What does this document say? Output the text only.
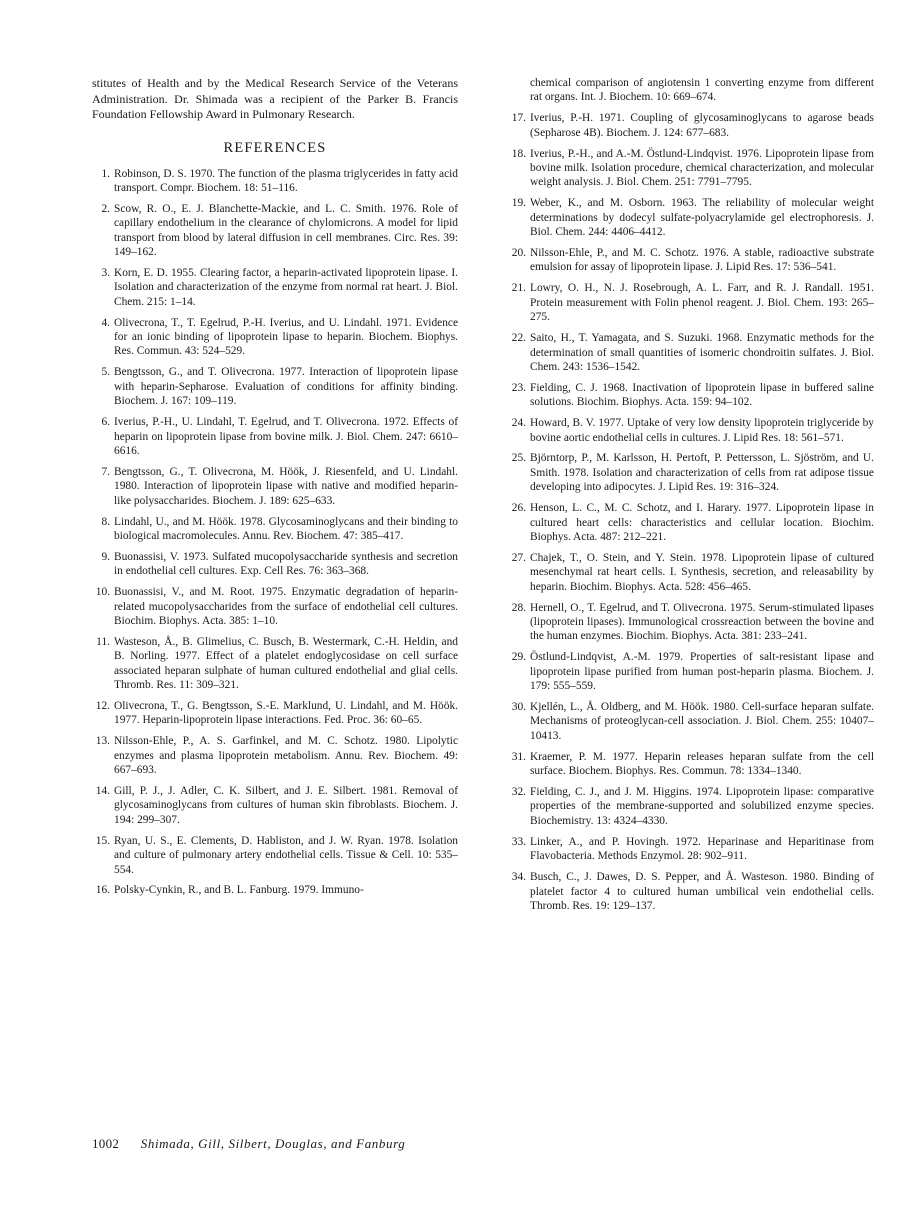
stitutes of Health and by the Medical Research Service of the Veterans Administration. Dr. Shimada was a recipient of the Parker B. Francis Foundation Fellowship Award in Pulmonary Research.

REFERENCES
1. Robinson, D. S. 1970. The function of the plasma triglycerides in fatty acid transport. Compr. Biochem. 18: 51–116.
2. Scow, R. O., E. J. Blanchette-Mackie, and L. C. Smith. 1976. Role of capillary endothelium in the clearance of chylomicrons. A model for lipid transport from blood by lateral diffusion in cell membranes. Circ. Res. 39: 149–162.
3. Korn, E. D. 1955. Clearing factor, a heparin-activated lipoprotein lipase. I. Isolation and characterization of the enzyme from normal rat heart. J. Biol. Chem. 215: 1–14.
4. Olivecrona, T., T. Egelrud, P.-H. Iverius, and U. Lindahl. 1971. Evidence for an ionic binding of lipoprotein lipase to heparin. Biochem. Biophys. Res. Commun. 43: 524–529.
5. Bengtsson, G., and T. Olivecrona. 1977. Interaction of lipoprotein lipase with heparin-Sepharose. Evaluation of conditions for affinity binding. Biochem. J. 167: 109–119.
6. Iverius, P.-H., U. Lindahl, T. Egelrud, and T. Olivecrona. 1972. Effects of heparin on lipoprotein lipase from bovine milk. J. Biol. Chem. 247: 6610–6616.
7. Bengtsson, G., T. Olivecrona, M. Höök, J. Riesenfeld, and U. Lindahl. 1980. Interaction of lipoprotein lipase with native and modified heparin-like polysaccharides. Biochem. J. 189: 625–633.
8. Lindahl, U., and M. Höök. 1978. Glycosaminoglycans and their binding to biological macromolecules. Annu. Rev. Biochem. 47: 385–417.
9. Buonassisi, V. 1973. Sulfated mucopolysaccharide synthesis and secretion in endothelial cell cultures. Exp. Cell Res. 76: 363–368.
10. Buonassisi, V., and M. Root. 1975. Enzymatic degradation of heparin-related mucopolysaccharides from the surface of endothelial cell cultures. Biochim. Biophys. Acta. 385: 1–10.
11. Wasteson, Å., B. Glimelius, C. Busch, B. Westermark, C.-H. Heldin, and B. Norling. 1977. Effect of a platelet endoglycosidase on cell surface associated heparan sulphate of human cultured endothelial and glial cells. Thromb. Res. 11: 309–321.
12. Olivecrona, T., G. Bengtsson, S.-E. Marklund, U. Lindahl, and M. Höök. 1977. Heparin-lipoprotein lipase interactions. Fed. Proc. 36: 60–65.
13. Nilsson-Ehle, P., A. S. Garfinkel, and M. C. Schotz. 1980. Lipolytic enzymes and plasma lipoprotein metabolism. Annu. Rev. Biochem. 49: 667–693.
14. Gill, P. J., J. Adler, C. K. Silbert, and J. E. Silbert. 1981. Removal of glycosaminoglycans from cultures of human skin fibroblasts. Biochem. J. 194: 299–307.
15. Ryan, U. S., E. Clements, D. Habliston, and J. W. Ryan. 1978. Isolation and culture of pulmonary artery endothelial cells. Tissue & Cell. 10: 535–554.
16. Polsky-Cynkin, R., and B. L. Fanburg. 1979. Immuno-
chemical comparison of angiotensin 1 converting enzyme from different rat organs. Int. J. Biochem. 10: 669–674.
17. Iverius, P.-H. 1971. Coupling of glycosaminoglycans to agarose beads (Sepharose 4B). Biochem. J. 124: 677–683.
18. Iverius, P.-H., and A.-M. Östlund-Lindqvist. 1976. Lipoprotein lipase from bovine milk. Isolation procedure, chemical characterization, and molecular weight analysis. J. Biol. Chem. 251: 7791–7795.
19. Weber, K., and M. Osborn. 1963. The reliability of molecular weight determinations by dodecyl sulfate-polyacrylamide gel electrophoresis. J. Biol. Chem. 244: 4406–4412.
20. Nilsson-Ehle, P., and M. C. Schotz. 1976. A stable, radioactive substrate emulsion for assay of lipoprotein lipase. J. Lipid Res. 17: 536–541.
21. Lowry, O. H., N. J. Rosebrough, A. L. Farr, and R. J. Randall. 1951. Protein measurement with Folin phenol reagent. J. Biol. Chem. 193: 265–275.
22. Saito, H., T. Yamagata, and S. Suzuki. 1968. Enzymatic methods for the determination of small quantities of isomeric chondroitin sulfates. J. Biol. Chem. 243: 1536–1542.
23. Fielding, C. J. 1968. Inactivation of lipoprotein lipase in buffered saline solutions. Biochim. Biophys. Acta. 159: 94–102.
24. Howard, B. V. 1977. Uptake of very low density lipoprotein triglyceride by bovine aortic endothelial cells in cultures. J. Lipid Res. 18: 561–571.
25. Björntorp, P., M. Karlsson, H. Pertoft, P. Pettersson, L. Sjöström, and U. Smith. 1978. Isolation and characterization of cells from rat adipose tissue developing into adipocytes. J. Lipid Res. 19: 316–324.
26. Henson, L. C., M. C. Schotz, and I. Harary. 1977. Lipoprotein lipase in cultured heart cells: characteristics and cellular location. Biochim. Biophys. Acta. 487: 212–221.
27. Chajek, T., O. Stein, and Y. Stein. 1978. Lipoprotein lipase of cultured mesenchymal rat heart cells. I. Synthesis, secretion, and releasability by heparin. Biochim. Biophys. Acta. 528: 456–465.
28. Hernell, O., T. Egelrud, and T. Olivecrona. 1975. Serum-stimulated lipases (lipoprotein lipases). Immunological crossreaction between the bovine and the human enzymes. Biochim. Biophys. Acta. 381: 233–241.
29. Östlund-Lindqvist, A.-M. 1979. Properties of salt-resistant lipase and lipoprotein lipase purified from human post-heparin plasma. Biochem. J. 179: 555–559.
30. Kjellén, L., Å. Oldberg, and M. Höök. 1980. Cell-surface heparan sulfate. Mechanisms of proteoglycan-cell association. J. Biol. Chem. 255: 10407–10413.
31. Kraemer, P. M. 1977. Heparin releases heparan sulfate from the cell surface. Biochem. Biophys. Res. Commun. 78: 1334–1340.
32. Fielding, C. J., and J. M. Higgins. 1974. Lipoprotein lipase: comparative properties of the membrane-supported and solubilized enzyme species. Biochemistry. 13: 4324–4330.
33. Linker, A., and P. Hovingh. 1972. Heparinase and Heparitinase from Flavobacteria. Methods Enzymol. 28: 902–911.
34. Busch, C., J. Dawes, D. S. Pepper, and Å. Wasteson. 1980. Binding of platelet factor 4 to cultured human umbilical vein endothelial cells. Thromb. Res. 19: 129–137.
1002 Shimada, Gill, Silbert, Douglas, and Fanburg
